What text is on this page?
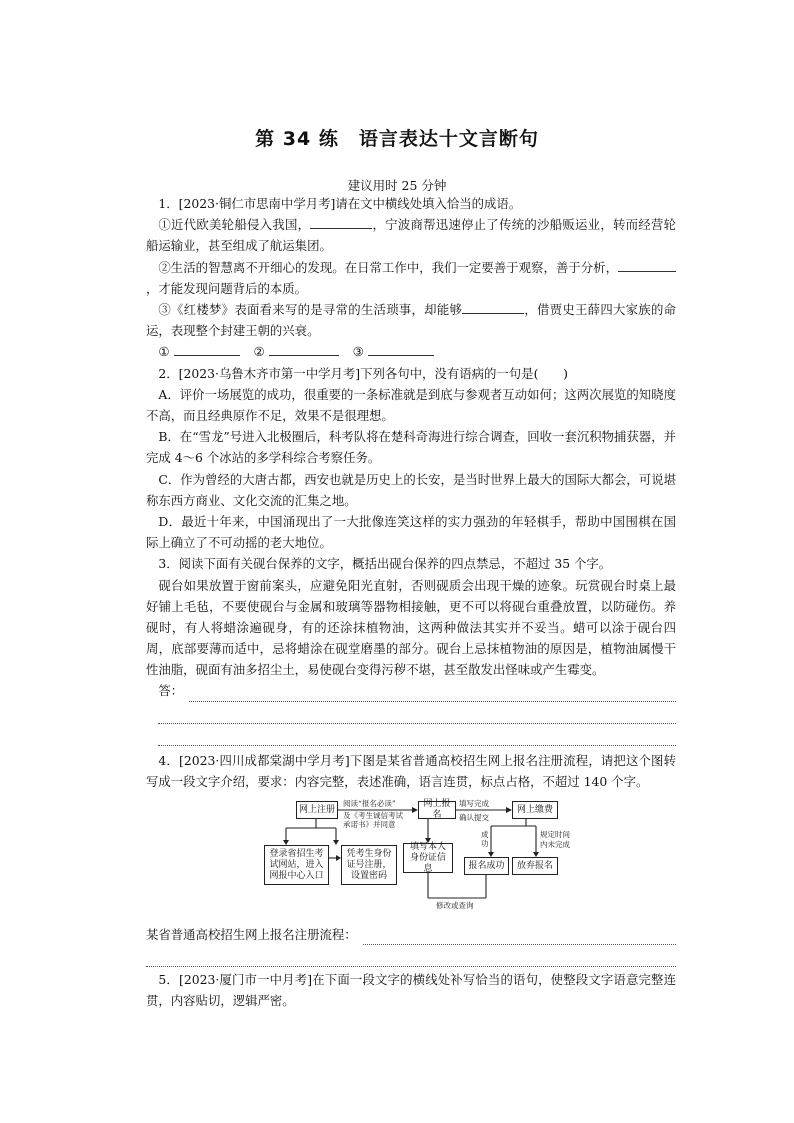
第 34 练　语言表达十文言断句
建议用时 25 分钟

1．[2023·铜仁市思南中学月考]请在文中横线处填入恰当的成语。

①近代欧美轮船侵入我国，	，宁波商帮迅速停止了传统的沙船贩运业，转而经营轮船运输业，甚至组成了航运集团。

②生活的智慧离不开细心的发现。在日常工作中，我们一定要善于观察，善于分析，，才能发现问题背后的本质。

③《红楼梦》表面看来写的是寻常的生活琐事，却能够	，借贾史王薛四大家族的命运，表现整个封建王朝的兴衰。

①	②	③

2．[2023·乌鲁木齐市第一中学月考]下列各句中，没有语病的一句是(　　)

A．评价一场展览的成功，很重要的一条标准就是到底与参观者互动如何；这两次展览的知晓度不高，而且经典原作不足，效果不是很理想。

B．在“雪龙”号进入北极圈后，科考队将在楚科奇海进行综合调查，回收一套沉积物捕获器，并完成 4～6 个冰站的多学科综合考察任务。

C．作为曾经的大唐古都，西安也就是历史上的长安，是当时世界上最大的国际大都会，可说堪称东西方商业、文化交流的汇集之地。

D．最近十年来，中国涌现出了一大批像连笑这样的实力强劲的年轻棋手，帮助中国围棋在国际上确立了不可动摇的老大地位。

3．阅读下面有关砚台保养的文字，概括出砚台保养的四点禁忌，不超过 35 个字。

砚台如果放置于窗前案头，应避免阳光直射，否则砚质会出现干燥的迹象。玩赏砚台时桌上最好铺上毛毡，不要使砚台与金属和玻璃等器物相接触，更不可以将砚台重叠放置，以防碰伤。养砚时，有人将蜡涂遍砚身，有的还涂抹植物油，这两种做法其实并不妥当。蜡可以涂于砚台四周，底部要薄而适中，忌将蜡涂在砚堂磨墨的部分。砚台上忌抹植物油的原因是，植物油属慢干性油脂，砚面有油多招尘土，易使砚台变得污秽不堪，甚至散发出怪味或产生霉变。

答：

4．[2023·四川成都棠湖中学月考]下图是某省普通高校招生网上报名注册流程，请把这个图转写成一段文字介绍，要求：内容完整，表述准确，语言连贯，标点占格，不超过 140 个字。

网上注册
网上报名
网上缴费
登录省招生考试网站，进入网报中心入口
凭考生身份证号注册，设置密码
填写本人身份证信息	报名成功	放弃报名
阅读“报名必读”
及《考生诚信考试承诺书》并同意
填写完成
确认提交
成功
规定时间
内未完成
修改或查询
某省普通高校招生网上报名注册流程：

5．[2023·厦门市一中月考]在下面一段文字的横线处补写恰当的语句，使整段文字语意完整连贯，内容贴切，逻辑严密。
